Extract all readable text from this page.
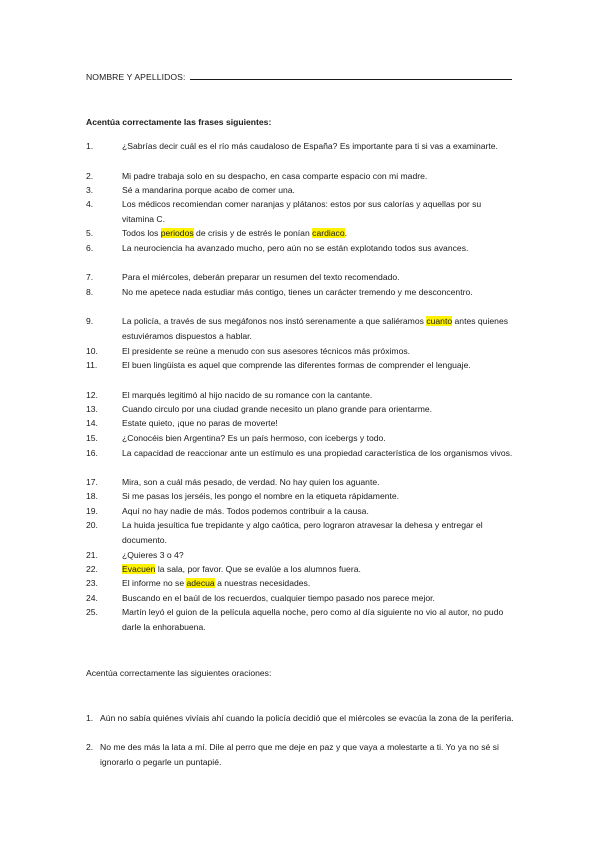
NOMBRE Y APELLIDOS:
Acentúa correctamente las frases siguientes:
1.	¿Sabrías decir cuál es el río más caudaloso de España? Es importante para ti si vas a examinarte.
2.	Mi padre trabaja solo en su despacho, en casa comparte espacio con mi madre.
3.	Sé a mandarina porque acabo de comer una.
4.	Los médicos recomiendan comer naranjas y plátanos: estos por sus calorías y aquellas por su vitamina C.
5.	Todos los periodos de crisis y de estrés le ponían cardiaco.
6.	La neurociencia ha avanzado mucho, pero aún no se están explotando todos sus avances.
7.	Para el miércoles, deberán preparar un resumen del texto recomendado.
8.	No me apetece nada estudiar más contigo, tienes un carácter tremendo y me desconcentro.
9.	La policía, a través de sus megáfonos nos instó serenamente a que saliéramos cuanto antes quienes estuviéramos dispuestos a hablar.
10.	El presidente se reúne a menudo con sus asesores técnicos más próximos.
11.	El buen lingüista es aquel que comprende las diferentes formas de comprender el lenguaje.
12.	El marqués legitimó al hijo nacido de su romance con la cantante.
13.	Cuando circulo por una ciudad grande necesito un plano grande para orientarme.
14.	Estate quieto, ¡que no paras de moverte!
15.	¿Conocéis bien Argentina? Es un país hermoso, con icebergs y todo.
16.	La capacidad de reaccionar ante un estímulo es una propiedad característica de los organismos vivos.
17.	Mira, son a cuál más pesado, de verdad. No hay quien los aguante.
18.	Si me pasas los jerséis, les pongo el nombre en la etiqueta rápidamente.
19.	Aquí no hay nadie de más. Todos podemos contribuir a la causa.
20.	La huida jesuítica fue trepidante y algo caótica, pero lograron atravesar la dehesa y entregar el documento.
21.	¿Quieres 3 o 4?
22.	Evacuen la sala, por favor. Que se evalúe a los alumnos fuera.
23.	El informe no se adecua a nuestras necesidades.
24.	Buscando en el baúl de los recuerdos, cualquier tiempo pasado nos parece mejor.
25.	Martín leyó el guion de la película aquella noche, pero como al día siguiente no vio al autor, no pudo darle la enhorabuena.
Acentúa correctamente las siguientes oraciones:
1. Aún no sabía quiénes vivíais ahí cuando la policía decidió que el miércoles se evacúa la zona de la periferia.
2. No me des más la lata a mí. Dile al perro que me deje en paz y que vaya a molestarte a ti. Yo ya no sé si ignorarlo o pegarle un puntapié.
